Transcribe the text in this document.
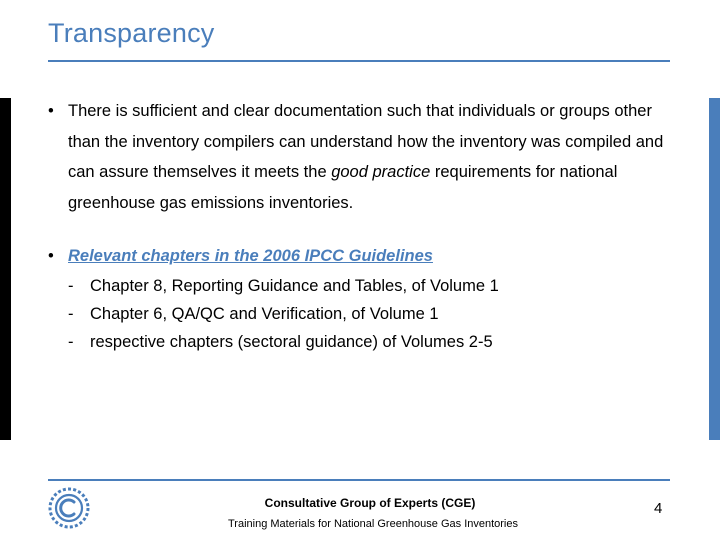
Transparency
• There is sufficient and clear documentation such that individuals or groups other than the inventory compilers can understand how the inventory was compiled and can assure themselves it meets the good practice requirements for national greenhouse gas emissions inventories.
• Relevant chapters in the 2006 IPCC Guidelines
- Chapter 8, Reporting Guidance and Tables, of Volume 1
- Chapter 6, QA/QC and Verification, of Volume 1
- respective chapters (sectoral guidance) of Volumes 2-5
Consultative Group of Experts (CGE)
Training Materials for National Greenhouse Gas Inventories
4
